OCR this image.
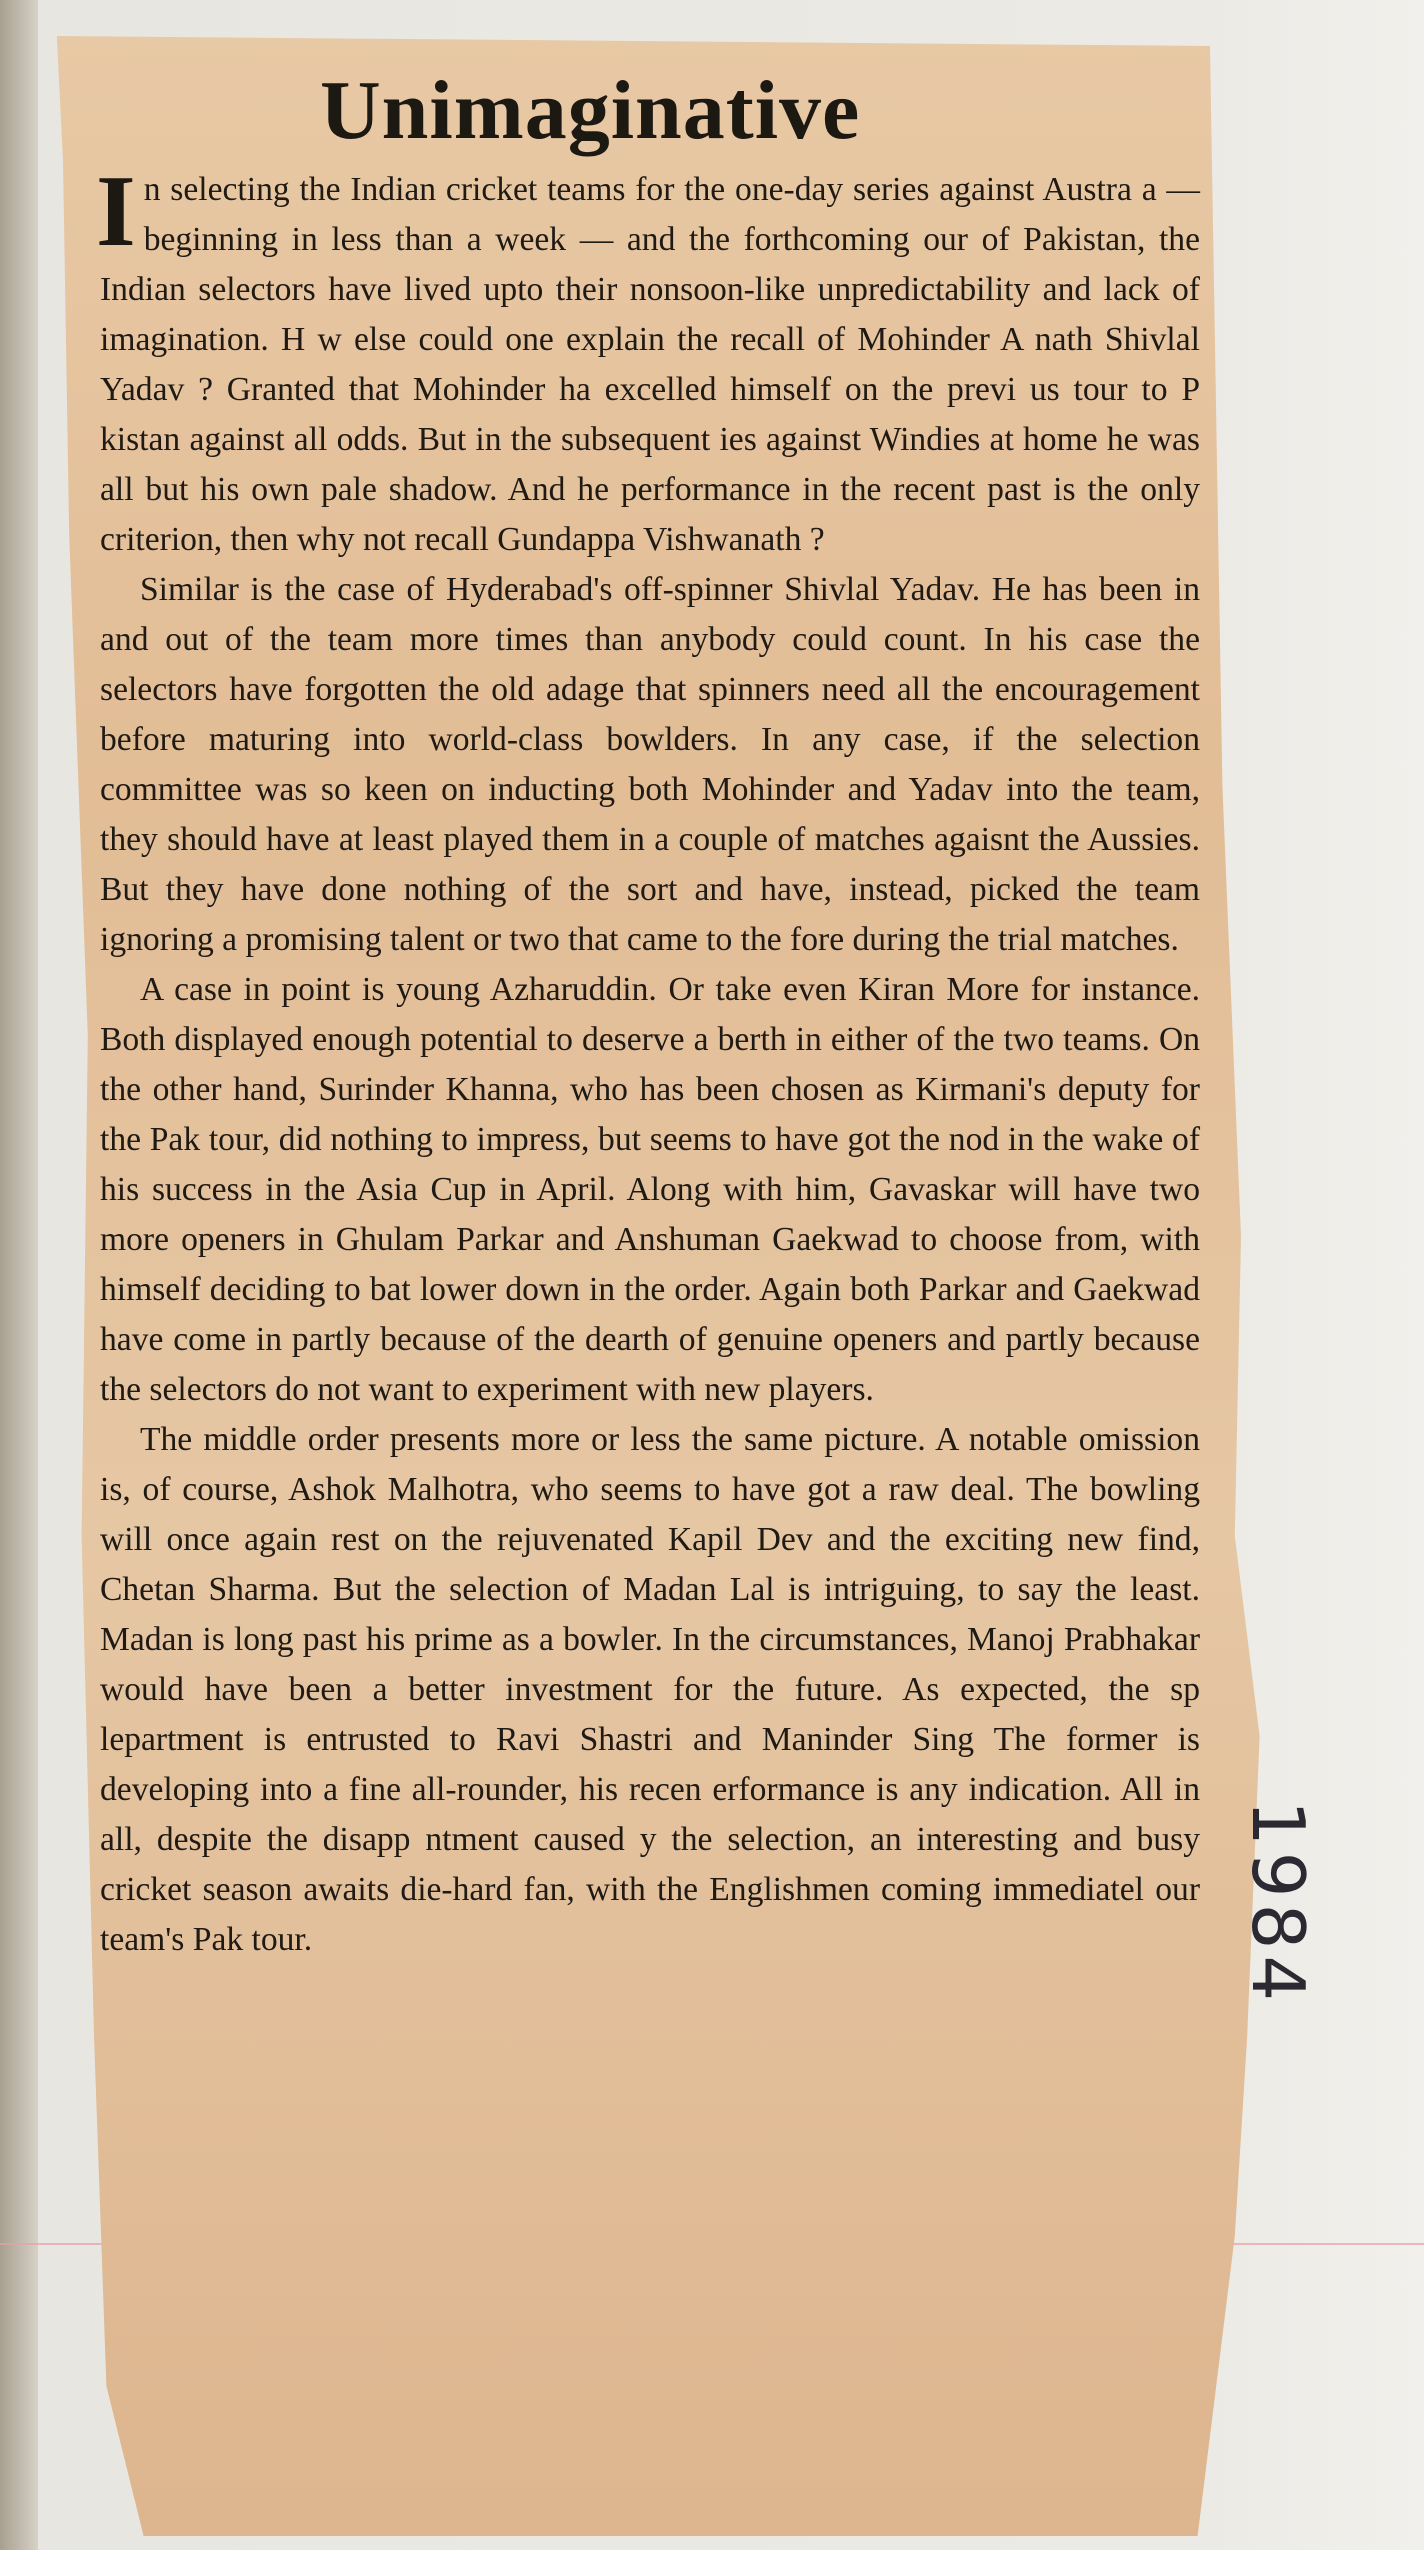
Unimaginative

In selecting the Indian cricket teams for the one-day series against Austra a — beginning in less than a week — and the forthcoming our of Pakistan, the Indian selectors have lived upto their nonsoon-like unpredictability and lack of imagination. H w else could one explain the recall of Mohinder A nath Shivlal Yadav ? Granted that Mohinder ha excelled himself on the previ us tour to P kistan against all odds. But in the subsequent ies against Windies at home he was all but his own pale shadow. And he performance in the recent past is the only criterion, then why not recall Gundappa Vishwanath ?

Similar is the case of Hyderabad's off-spinner Shivlal Yadav. He has been in and out of the team more times than anybody could count. In his case the selectors have forgotten the old adage that spinners need all the encouragement before maturing into world-class bowlders. In any case, if the selection committee was so keen on inducting both Mohinder and Yadav into the team, they should have at least played them in a couple of matches agaisnt the Aussies. But they have done nothing of the sort and have, instead, picked the team ignoring a promising talent or two that came to the fore during the trial matches.

A case in point is young Azharuddin. Or take even Kiran More for instance. Both displayed enough potential to deserve a berth in either of the two teams. On the other hand, Surinder Khanna, who has been chosen as Kirmani's deputy for the Pak tour, did nothing to impress, but seems to have got the nod in the wake of his success in the Asia Cup in April. Along with him, Gavaskar will have two more openers in Ghulam Parkar and Anshuman Gaekwad to choose from, with himself deciding to bat lower down in the order. Again both Parkar and Gaekwad have come in partly because of the dearth of genuine openers and partly because the selectors do not want to experiment with new players.

The middle order presents more or less the same picture. A notable omission is, of course, Ashok Malhotra, who seems to have got a raw deal. The bowling will once again rest on the rejuvenated Kapil Dev and the exciting new find, Chetan Sharma. But the selection of Madan Lal is intriguing, to say the least. Madan is long past his prime as a bowler. In the circumstances, Manoj Prabhakar would have been a better investment for the future. As expected, the sp lepartment is entrusted to Ravi Shastri and Maninder Sing The former is developing into a fine all-rounder, his recen erformance is any indication. All in all, despite the disapp ntment caused y the selection, an interesting and busy cricket season awaits die-hard fan, with the Englishmen coming immediatel our team's Pak tour.	1984
